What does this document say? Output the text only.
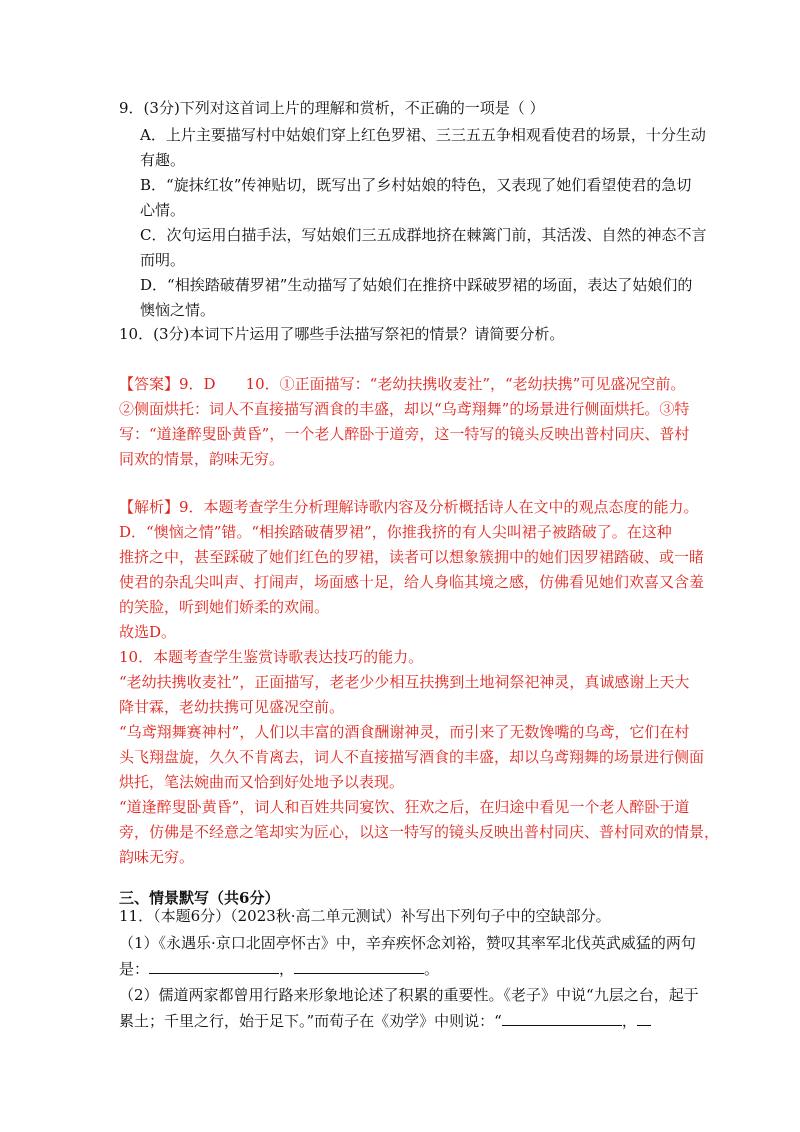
9．(3分)下列对这首词上片的理解和赏析，不正确的一项是（ ）
A．上片主要描写村中姑娘们穿上红色罗裙、三三五五争相观看使君的场景，十分生动
有趣。
B．“旋抹红妆”传神贴切，既写出了乡村姑娘的特色，又表现了她们看望使君的急切
心情。
C．次句运用白描手法，写姑娘们三五成群地挤在棘篱门前，其活泼、自然的神态不言
而明。
D．“相挨踏破蒨罗裙”生动描写了姑娘们在推挤中踩破罗裙的场面，表达了姑娘们的
懊恼之情。
10．(3分)本词下片运用了哪些手法描写祭祀的情景？请简要分析。
【答案】9．D　　10．①正面描写：“老幼扶携收麦社”，“老幼扶携”可见盛况空前。
②侧面烘托：词人不直接描写酒食的丰盛，却以“乌鸢翔舞”的场景进行侧面烘托。③特
写：“道逢醉叟卧黄昏”，一个老人醉卧于道旁，这一特写的镜头反映出普村同庆、普村
同欢的情景，韵味无穷。
【解析】9．本题考查学生分析理解诗歌内容及分析概括诗人在文中的观点态度的能力。
D．“懊恼之情”错。“相挨踏破蒨罗裙”，你推我挤的有人尖叫裙子被踏破了。在这种
推挤之中，甚至踩破了她们红色的罗裙，读者可以想象簇拥中的她们因罗裙踏破、或一睹
使君的杂乱尖叫声、打闹声，场面感十足，给人身临其境之感，仿佛看见她们欢喜又含羞
的笑脸，听到她们娇柔的欢闹。
故选D。
10．本题考查学生鉴赏诗歌表达技巧的能力。
“老幼扶携收麦社”，正面描写，老老少少相互扶携到土地祠祭祀神灵，真诚感谢上天大
降甘霖，老幼扶携可见盛况空前。
“乌鸢翔舞赛神村”，人们以丰富的酒食酬谢神灵，而引来了无数馋嘴的乌鸢，它们在村
头飞翔盘旋，久久不肯离去，词人不直接描写酒食的丰盛，却以乌鸢翔舞的场景进行侧面
烘托，笔法婉曲而又恰到好处地予以表现。
“道逢醉叟卧黄昏”，词人和百姓共同宴饮、狂欢之后，在归途中看见一个老人醉卧于道
旁，仿佛是不经意之笔却实为匠心，以这一特写的镜头反映出普村同庆、普村同欢的情景，
韵味无穷。
三、情景默写（共6分）
11．（本题6分）（2023秋·高二单元测试）补写出下列句子中的空缺部分。
（1）《永遇乐·京口北固亭怀古》中，辛弃疾怀念刘裕，赞叹其率军北伐英武威猛的两句
是：	，	。
（2）儒道两家都曾用行路来形象地论述了积累的重要性。《老子》中说“九层之台，起于
累土；千里之行，始于足下。”而荀子在《劝学》中则说：“	，
